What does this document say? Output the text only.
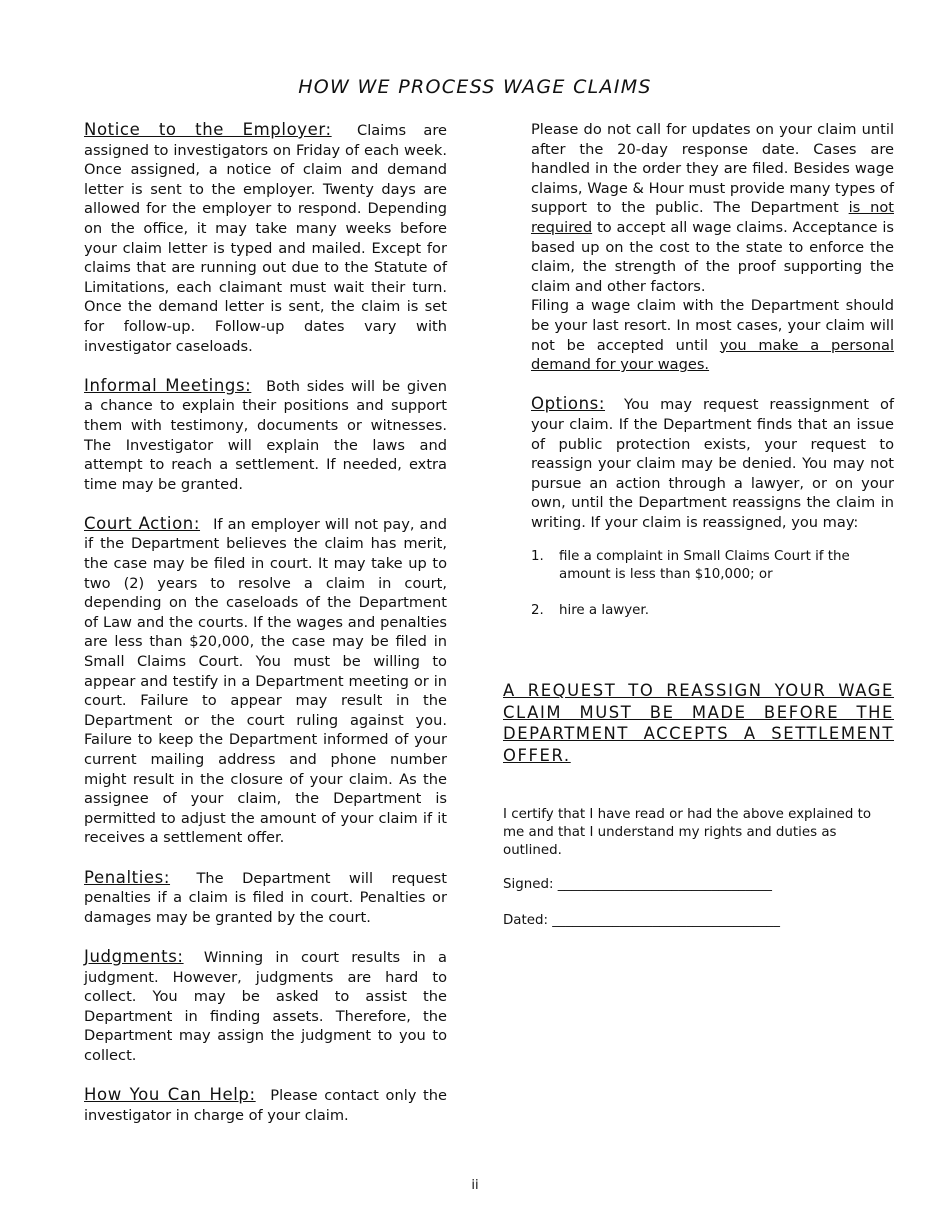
HOW WE PROCESS WAGE CLAIMS

Notice to the Employer: Claims are assigned to investigators on Friday of each week. Once assigned, a notice of claim and demand letter is sent to the employer. Twenty days are allowed for the employer to respond. Depending on the office, it may take many weeks before your claim letter is typed and mailed. Except for claims that are running out due to the Statute of Limitations, each claimant must wait their turn. Once the demand letter is sent, the claim is set for follow-up. Follow-up dates vary with investigator caseloads.

Informal Meetings: Both sides will be given a chance to explain their positions and support them with testimony, documents or witnesses. The Investigator will explain the laws and attempt to reach a settlement. If needed, extra time may be granted.

Court Action: If an employer will not pay, and if the Department believes the claim has merit, the case may be filed in court. It may take up to two (2) years to resolve a claim in court, depending on the caseloads of the Department of Law and the courts. If the wages and penalties are less than $20,000, the case may be filed in Small Claims Court. You must be willing to appear and testify in a Department meeting or in court. Failure to appear may result in the Department or the court ruling against you. Failure to keep the Department informed of your current mailing address and phone number might result in the closure of your claim. As the assignee of your claim, the Department is permitted to adjust the amount of your claim if it receives a settlement offer.

Penalties: The Department will request penalties if a claim is filed in court. Penalties or damages may be granted by the court.

Judgments: Winning in court results in a judgment. However, judgments are hard to collect. You may be asked to assist the Department in finding assets. Therefore, the Department may assign the judgment to you to collect.

How You Can Help: Please contact only the investigator in charge of your claim.

Please do not call for updates on your claim until after the 20-day response date. Cases are handled in the order they are filed. Besides wage claims, Wage & Hour must provide many types of support to the public. The Department is not required to accept all wage claims. Acceptance is based up on the cost to the state to enforce the claim, the strength of the proof supporting the claim and other factors.

Filing a wage claim with the Department should be your last resort. In most cases, your claim will not be accepted until you make a personal demand for your wages.

Options: You may request reassignment of your claim. If the Department finds that an issue of public protection exists, your request to reassign your claim may be denied. You may not pursue an action through a lawyer, or on your own, until the Department reassigns the claim in writing. If your claim is reassigned, you may:

1.	file a complaint in Small Claims Court if the amount is less than $10,000; or
2.	hire a lawyer.
A REQUEST TO REASSIGN YOUR WAGE CLAIM MUST BE MADE BEFORE THE DEPARTMENT ACCEPTS A SETTLEMENT OFFER.
I certify that I have read or had the above explained to me and that I understand my rights and duties as outlined.
Signed: ________________________________
Dated: __________________________________
ii
